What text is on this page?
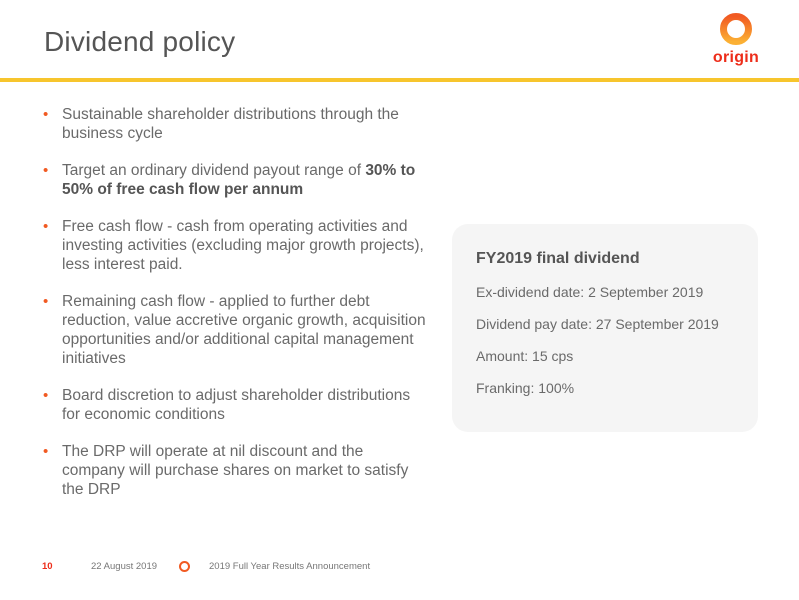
Dividend policy
origin
• Sustainable shareholder distributions through the business cycle
• Target an ordinary dividend payout range of 30% to 50% of free cash flow per annum
• Free cash flow - cash from operating activities and investing activities (excluding major growth projects), less interest paid.
• Remaining cash flow - applied to further debt reduction, value accretive organic growth, acquisition opportunities and/or additional capital management initiatives
• Board discretion to adjust shareholder distributions for economic conditions
• The DRP will operate at nil discount and the company will purchase shares on market to satisfy the DRP
FY2019 final dividend
Ex-dividend date: 2 September 2019
Dividend pay date: 27 September 2019
Amount: 15 cps
Franking: 100%
10	22 August 2019	2019 Full Year Results Announcement
